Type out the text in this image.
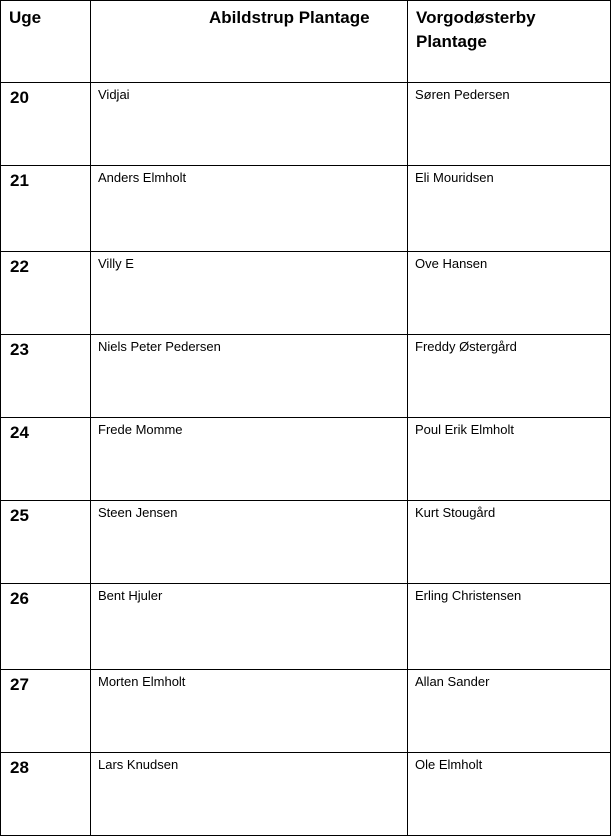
Uge	Abildstrup Plantage	Vorgodøsterby Plantage

20	Vidjai	Søren Pedersen

21	Anders Elmholt	Eli Mouridsen

22	Villy E	Ove Hansen

23	Niels Peter Pedersen	Freddy Østergård

24	Frede Momme	Poul Erik Elmholt

25	Steen Jensen	Kurt Stougård

26	Bent Hjuler	Erling Christensen

27	Morten Elmholt	Allan Sander

28	Lars Knudsen	Ole Elmholt
